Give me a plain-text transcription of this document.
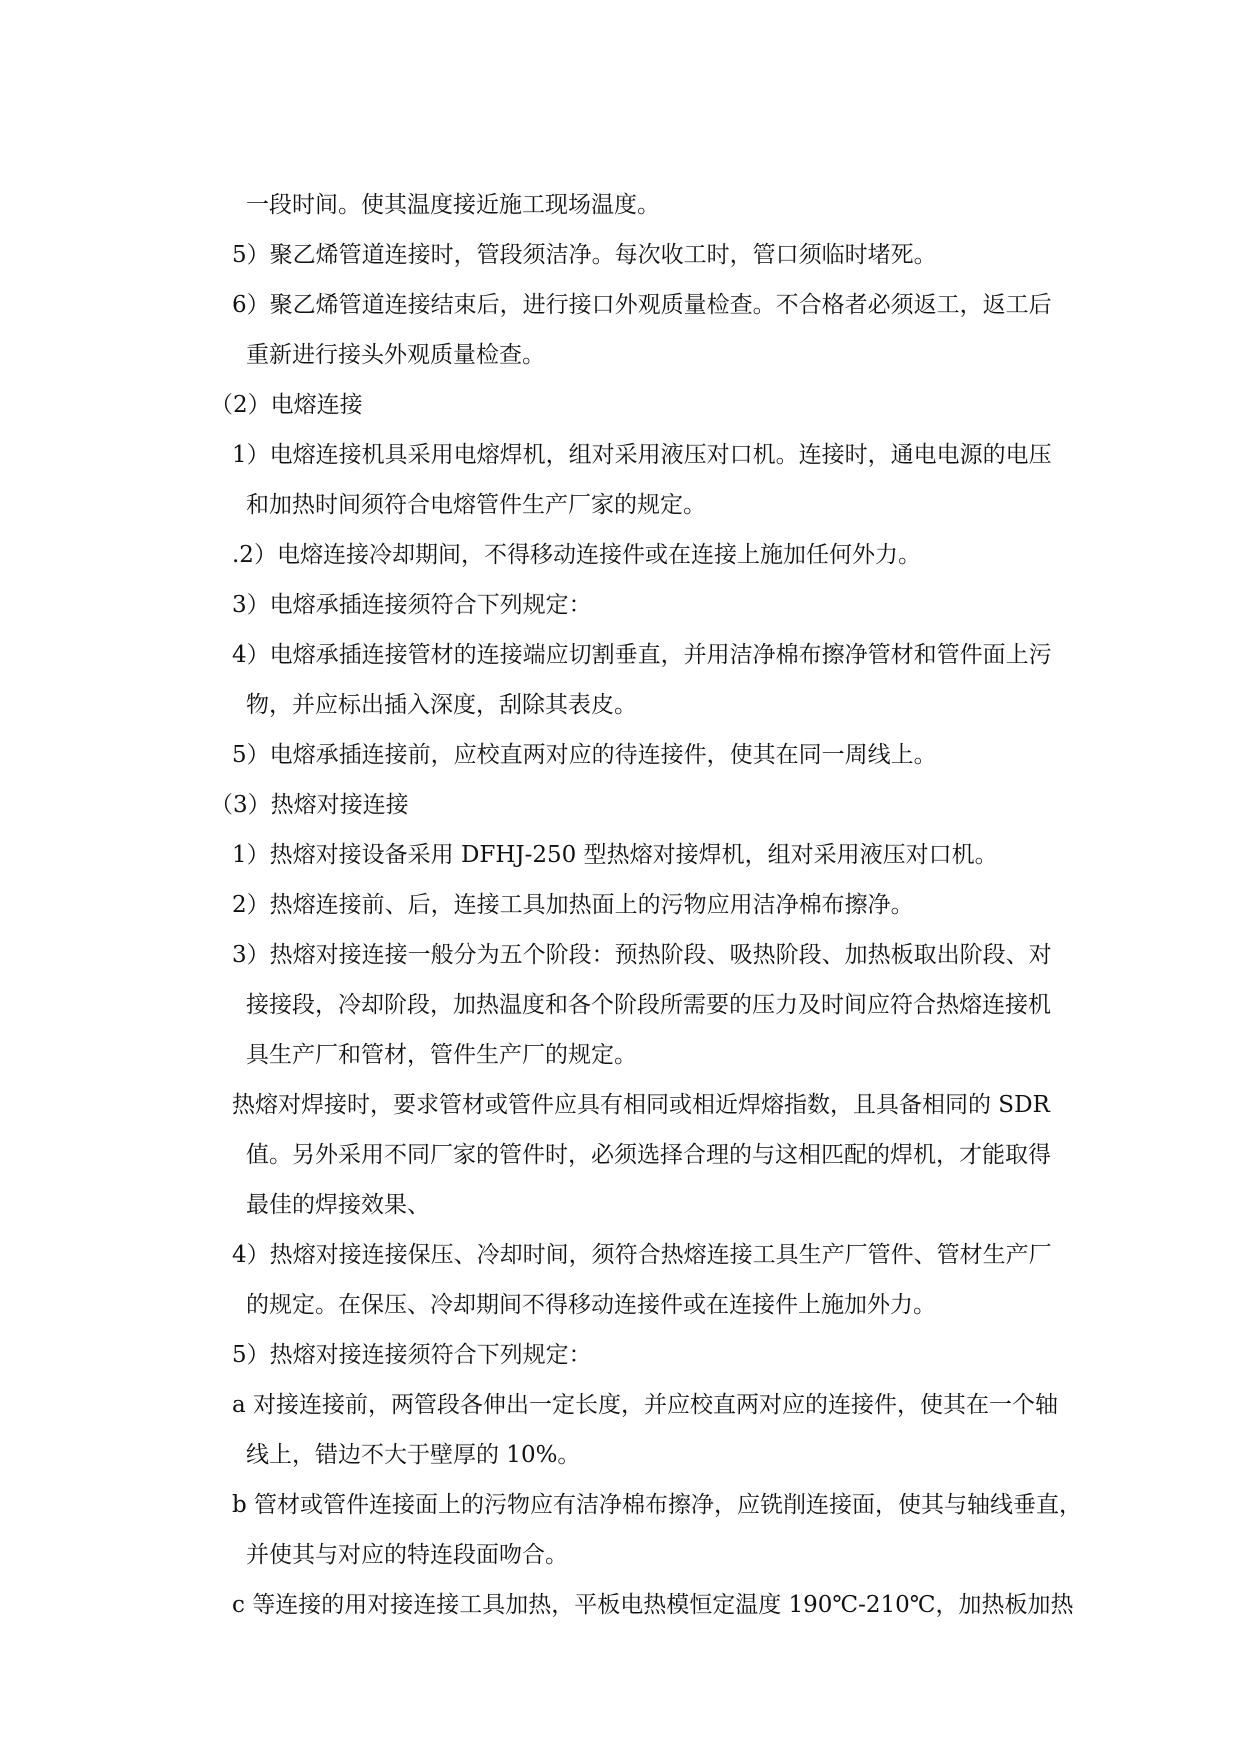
一段时间。使其温度接近施工现场温度。
5）聚乙烯管道连接时，管段须洁净。每次收工时，管口须临时堵死。
6）聚乙烯管道连接结束后，进行接口外观质量检查。不合格者必须返工，返工后
重新进行接头外观质量检查。
（2）电熔连接
1）电熔连接机具采用电熔焊机，组对采用液压对口机。连接时，通电电源的电压
和加热时间须符合电熔管件生产厂家的规定。
.2）电熔连接冷却期间，不得移动连接件或在连接上施加任何外力。
3）电熔承插连接须符合下列规定：
4）电熔承插连接管材的连接端应切割垂直，并用洁净棉布擦净管材和管件面上污
物，并应标出插入深度，刮除其表皮。
5）电熔承插连接前，应校直两对应的待连接件，使其在同一周线上。
（3）热熔对接连接
1）热熔对接设备采用 DFHJ-250 型热熔对接焊机，组对采用液压对口机。
2）热熔连接前、后，连接工具加热面上的污物应用洁净棉布擦净。
3）热熔对接连接一般分为五个阶段：预热阶段、吸热阶段、加热板取出阶段、对
接接段，冷却阶段，加热温度和各个阶段所需要的压力及时间应符合热熔连接机
具生产厂和管材，管件生产厂的规定。
热熔对焊接时，要求管材或管件应具有相同或相近焊熔指数，且具备相同的 SDR
值。另外采用不同厂家的管件时，必须选择合理的与这相匹配的焊机，才能取得
最佳的焊接效果、
4）热熔对接连接保压、冷却时间，须符合热熔连接工具生产厂管件、管材生产厂
的规定。在保压、冷却期间不得移动连接件或在连接件上施加外力。
5）热熔对接连接须符合下列规定：
a 对接连接前，两管段各伸出一定长度，并应校直两对应的连接件，使其在一个轴
线上，错边不大于壁厚的 10%。
b 管材或管件连接面上的污物应有洁净棉布擦净，应铣削连接面，使其与轴线垂直，
并使其与对应的特连段面吻合。
c 等连接的用对接连接工具加热，平板电热模恒定温度 190℃-210℃，加热板加热
